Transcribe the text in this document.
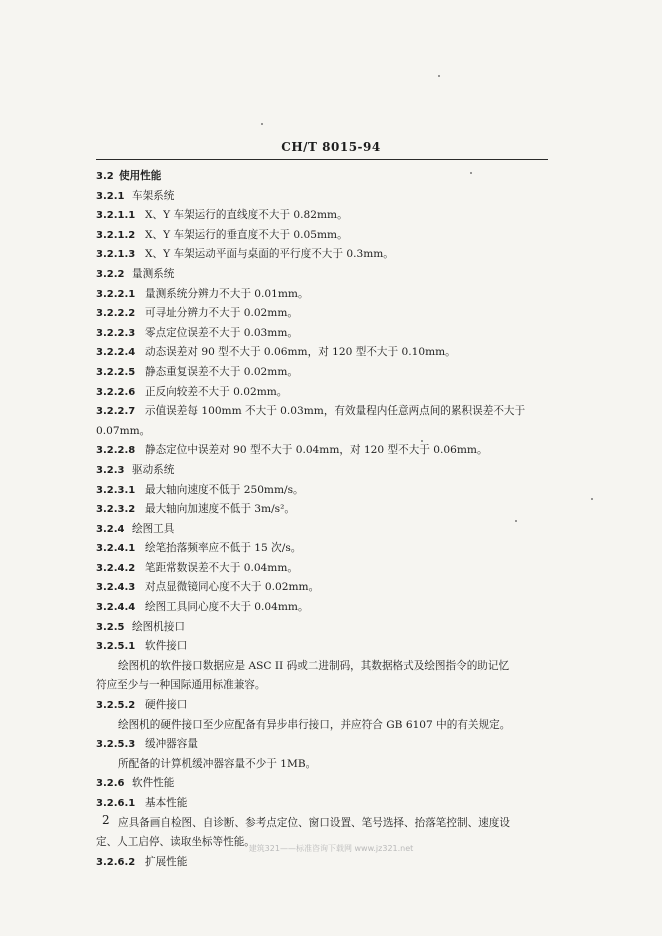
CH/T 8015-94
3.2 使用性能
3.2.1 车架系统
3.2.1.1 X、Y 车架运行的直线度不大于 0.82mm。
3.2.1.2 X、Y 车架运行的垂直度不大于 0.05mm。
3.2.1.3 X、Y 车架运动平面与桌面的平行度不大于 0.3mm。
3.2.2 量测系统
3.2.2.1 量测系统分辨力不大于 0.01mm。
3.2.2.2 可寻址分辨力不大于 0.02mm。
3.2.2.3 零点定位误差不大于 0.03mm。
3.2.2.4 动态误差对 90 型不大于 0.06mm，对 120 型不大于 0.10mm。
3.2.2.5 静态重复误差不大于 0.02mm。
3.2.2.6 正反向较差不大于 0.02mm。
3.2.2.7 示值误差每 100mm 不大于 0.03mm，有效量程内任意两点间的累积误差不大于
0.07mm。
3.2.2.8 静态定位中误差对 90 型不大于 0.04mm，对 120 型不大于 0.06mm。
3.2.3 驱动系统
3.2.3.1 最大轴向速度不低于 250mm/s。
3.2.3.2 最大轴向加速度不低于 3m/s²。
3.2.4 绘图工具
3.2.4.1 绘笔抬落频率应不低于 15 次/s。
3.2.4.2 笔距常数误差不大于 0.04mm。
3.2.4.3 对点显微镜同心度不大于 0.02mm。
3.2.4.4 绘图工具同心度不大于 0.04mm。
3.2.5 绘图机接口
3.2.5.1 软件接口
绘图机的软件接口数据应是 ASC II 码或二进制码，其数据格式及绘图指令的助记忆
符应至少与一种国际通用标准兼容。
3.2.5.2 硬件接口
绘图机的硬件接口至少应配备有异步串行接口，并应符合 GB 6107 中的有关规定。
3.2.5.3 缓冲器容量
所配备的计算机缓冲器容量不少于 1MB。
3.2.6 软件性能
3.2.6.1 基本性能
应具备画自检图、自诊断、参考点定位、窗口设置、笔号选择、抬落笔控制、速度设
定、人工启停、读取坐标等性能。
3.2.6.2 扩展性能
2
建筑321——标准咨询下载网 www.jz321.net
